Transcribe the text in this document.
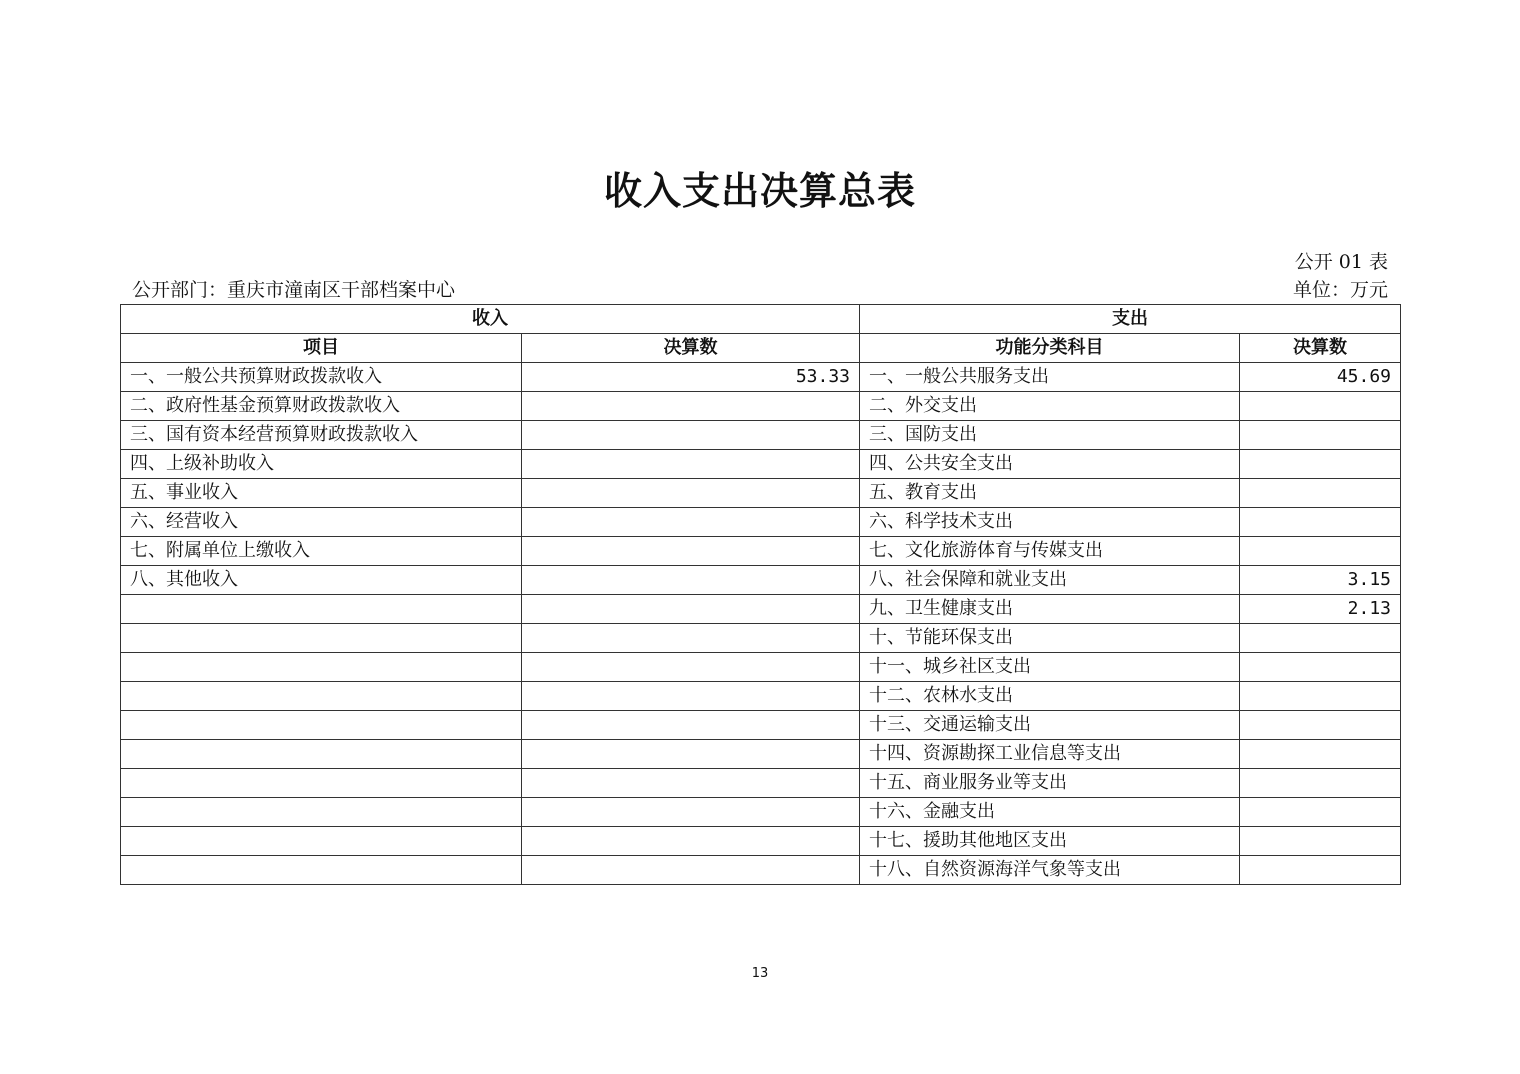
收入支出决算总表
公开 01 表
公开部门：重庆市潼南区干部档案中心	单位：万元
收入		支出	
项目	决算数	功能分类科目	决算数
一、一般公共预算财政拨款收入	53.33	一、一般公共服务支出	45.69
二、政府性基金预算财政拨款收入		二、外交支出	
三、国有资本经营预算财政拨款收入		三、国防支出	
四、上级补助收入		四、公共安全支出	
五、事业收入		五、教育支出	
六、经营收入		六、科学技术支出	
七、附属单位上缴收入		七、文化旅游体育与传媒支出	
八、其他收入		八、社会保障和就业支出	3.15
		九、卫生健康支出	2.13
		十、节能环保支出	
		十一、城乡社区支出	
		十二、农林水支出	
		十三、交通运输支出	
		十四、资源勘探工业信息等支出	
		十五、商业服务业等支出	
		十六、金融支出	
		十七、援助其他地区支出	
		十八、自然资源海洋气象等支出	
13
